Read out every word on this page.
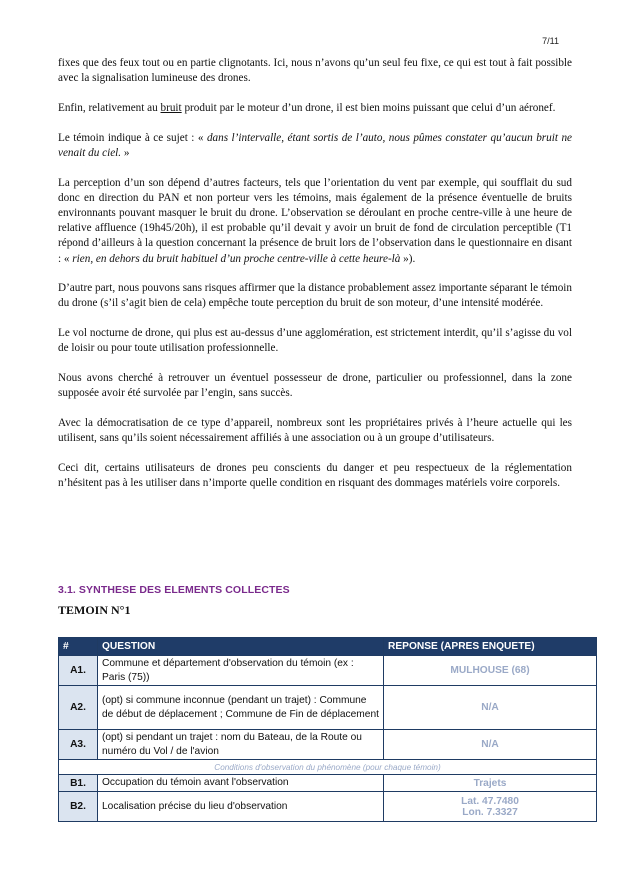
7/11

fixes que des feux tout ou en partie clignotants. Ici, nous n’avons qu’un seul feu fixe, ce qui est tout à fait possible avec la signalisation lumineuse des drones.

Enfin, relativement au bruit produit par le moteur d’un drone, il est bien moins puissant que celui d’un aéronef.

Le témoin indique à ce sujet : « dans l’intervalle, étant sortis de l’auto, nous pûmes constater qu’aucun bruit ne venait du ciel. »

La perception d’un son dépend d’autres facteurs, tels que l’orientation du vent par exemple, qui soufflait du sud donc en direction du PAN et non porteur vers les témoins, mais également de la présence éventuelle de bruits environnants pouvant masquer le bruit du drone. L’observation se déroulant en proche centre-ville à une heure de relative affluence (19h45/20h), il est probable qu’il devait y avoir un bruit de fond de circulation perceptible (T1 répond d’ailleurs à la question concernant la présence de bruit lors de l’observation dans le questionnaire en disant : « rien, en dehors du bruit habituel d’un proche centre-ville à cette heure-là »).

D’autre part, nous pouvons sans risques affirmer que la distance probablement assez importante séparant le témoin du drone (s’il s’agit bien de cela) empêche toute perception du bruit de son moteur, d’une intensité modérée.

Le vol nocturne de drone, qui plus est au-dessus d’une agglomération, est strictement interdit, qu’il s’agisse du vol de loisir ou pour toute utilisation professionnelle.

Nous avons cherché à retrouver un éventuel possesseur de drone, particulier ou professionnel, dans la zone supposée avoir été survolée par l’engin, sans succès.

Avec la démocratisation de ce type d’appareil, nombreux sont les propriétaires privés à l’heure actuelle qui les utilisent, sans qu’ils soient nécessairement affiliés à une association ou à un groupe d’utilisateurs.

Ceci dit, certains utilisateurs de drones peu conscients du danger et peu respectueux de la réglementation n’hésitent pas à les utiliser dans n’importe quelle condition en risquant des dommages matériels voire corporels.

3.1. SYNTHESE DES ELEMENTS COLLECTES
TEMOIN N°1
#	QUESTION	REPONSE (APRES ENQUETE)
A1.	Commune et département d'observation du témoin (ex : Paris (75))	MULHOUSE (68)
A2.	(opt) si commune inconnue (pendant un trajet) : Commune de début de déplacement ; Commune de Fin de déplacement	N/A
A3.	(opt) si pendant un trajet : nom du Bateau, de la Route ou numéro du Vol / de l'avion	N/A
Conditions d'observation du phénomène (pour chaque témoin)		
B1.	Occupation du témoin avant l'observation	Trajets
B2.	Localisation précise du lieu d'observation	Lat. 47.7480
Lon. 7.3327
